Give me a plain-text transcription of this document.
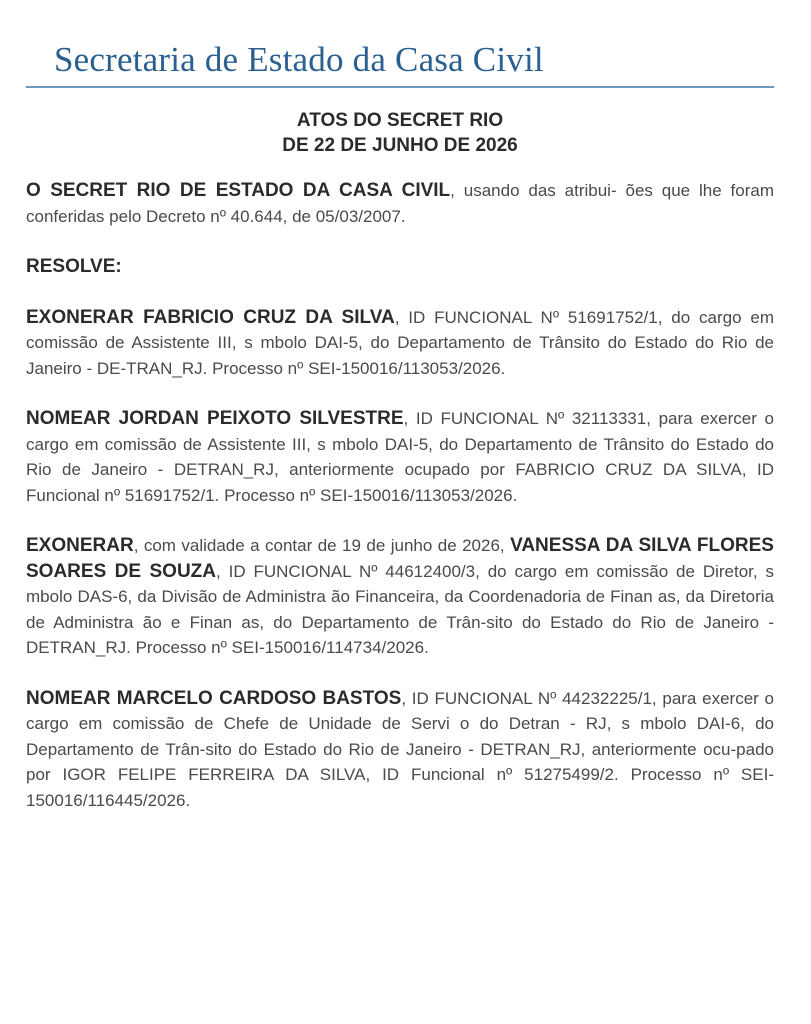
Secretaria de Estado da Casa Civil
ATOS DO SECRET RIO
DE 22 DE JUNHO DE 2026

O SECRET RIO DE ESTADO DA CASA CIVIL, usando das atribui- ões que lhe foram conferidas pelo Decreto nº 40.644, de 05/03/2007.

RESOLVE:

EXONERAR FABRICIO CRUZ DA SILVA, ID FUNCIONAL Nº 51691752/1, do cargo em comissão de Assistente III, s mbolo DAI-5, do Departamento de Trânsito do Estado do Rio de Janeiro - DE-TRAN_RJ. Processo nº SEI-150016/113053/2026.

NOMEAR JORDAN PEIXOTO SILVESTRE, ID FUNCIONAL Nº 32113331, para exercer o cargo em comissão de Assistente III, s mbolo DAI-5, do Departamento de Trânsito do Estado do Rio de Janeiro - DETRAN_RJ, anteriormente ocupado por FABRICIO CRUZ DA SILVA, ID Funcional nº 51691752/1. Processo nº SEI-150016/113053/2026.

EXONERAR, com validade a contar de 19 de junho de 2026, VANESSA DA SILVA FLORES SOARES DE SOUZA, ID FUNCIONAL Nº 44612400/3, do cargo em comissão de Diretor, s mbolo DAS-6, da Divisão de Administra ão Financeira, da Coordenadoria de Finan as, da Diretoria de Administra ão e Finan as, do Departamento de Trân-sito do Estado do Rio de Janeiro - DETRAN_RJ. Processo nº SEI-150016/114734/2026.

NOMEAR MARCELO CARDOSO BASTOS, ID FUNCIONAL Nº 44232225/1, para exercer o cargo em comissão de Chefe de Unidade de Servi o do Detran - RJ, s mbolo DAI-6, do Departamento de Trân-sito do Estado do Rio de Janeiro - DETRAN_RJ, anteriormente ocu-pado por IGOR FELIPE FERREIRA DA SILVA, ID Funcional nº 51275499/2. Processo nº SEI-150016/116445/2026.
